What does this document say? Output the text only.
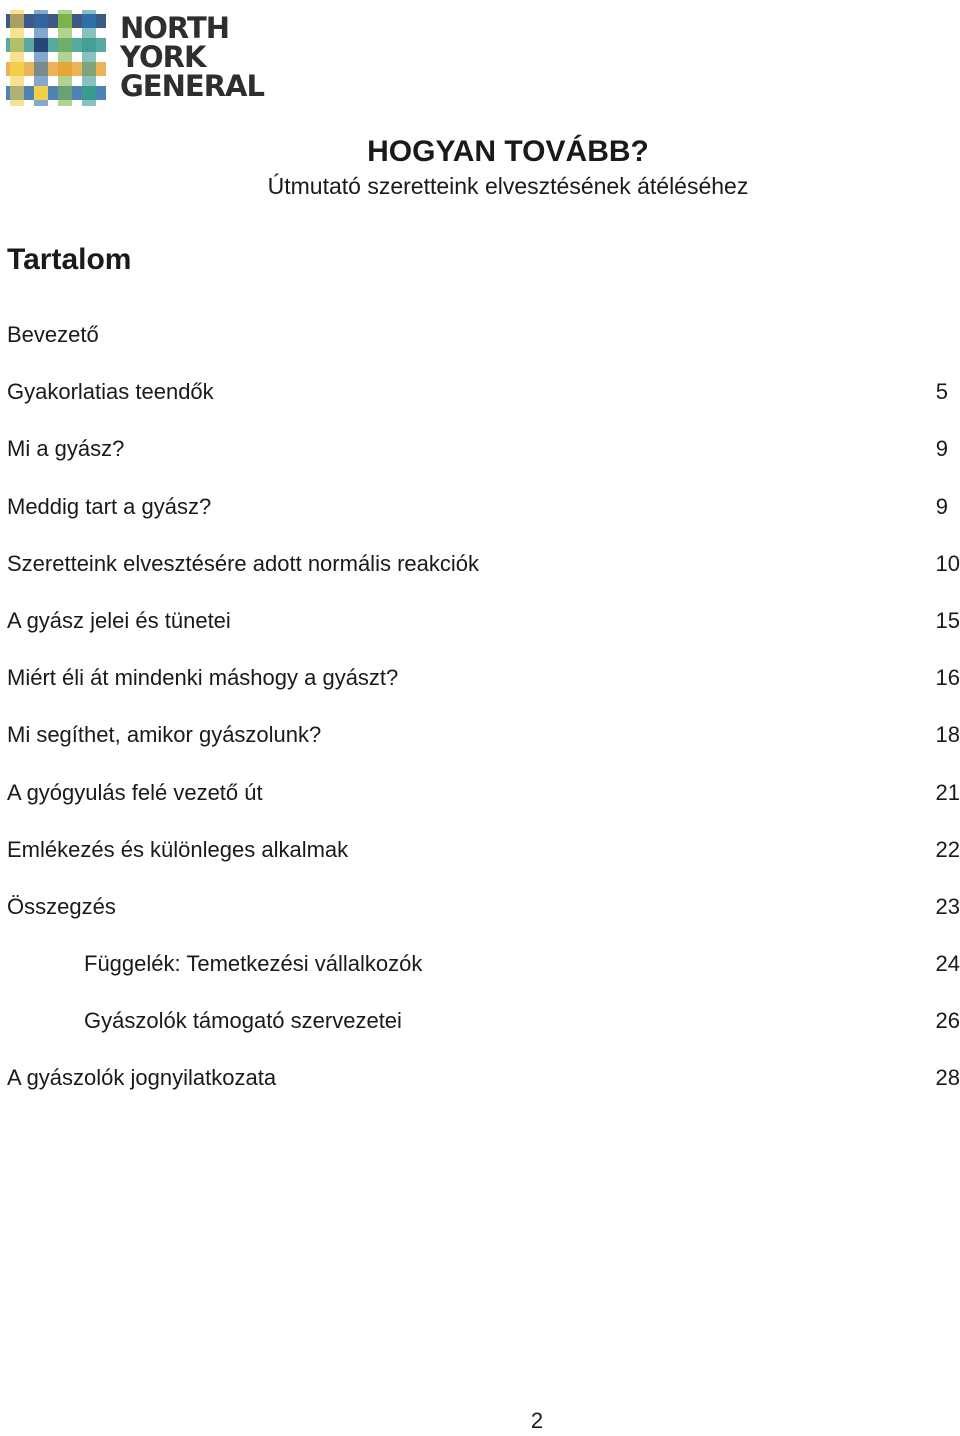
NORTH
YORK
GENERAL
HOGYAN TOVÁBB?
Útmutató szeretteink elvesztésének átéléséhez
Tartalom
Bevezető
Gyakorlatias teendők	5
Mi a gyász?	9
Meddig tart a gyász?	9
Szeretteink elvesztésére adott normális reakciók	10
A gyász jelei és tünetei	15
Miért éli át mindenki máshogy a gyászt?	16
Mi segíthet, amikor gyászolunk?	18
A gyógyulás felé vezető út	21
Emlékezés és különleges alkalmak	22
Összegzés	23
Függelék: Temetkezési vállalkozók	24
Gyászolók támogató szervezetei	26
A gyászolók jognyilatkozata	28
2
